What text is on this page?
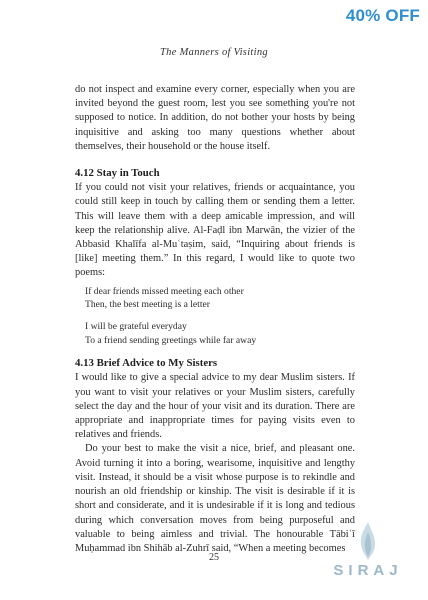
40% OFF
The Manners of Visiting

do not inspect and examine every corner, especially when you are invited beyond the guest room, lest you see something you're not supposed to notice. In addition, do not bother your hosts by being inquisitive and asking too many questions whether about themselves, their household or the house itself.

4.12 Stay in Touch

If you could not visit your relatives, friends or acquaintance, you could still keep in touch by calling them or sending them a letter. This will leave them with a deep amicable impression, and will keep the relationship alive. Al-Faḍl ibn Marwān, the vizier of the Abbasid Khalīfa al-Muʿtaṣim, said, “Inquiring about friends is [like] meeting them.” In this regard, I would like to quote two poems:

If dear friends missed meeting each other
Then, the best meeting is a letter
I will be grateful everyday
To a friend sending greetings while far away
4.13 Brief Advice to My Sisters

I would like to give a special advice to my dear Muslim sisters. If you want to visit your relatives or your Muslim sisters, carefully select the day and the hour of your visit and its duration. There are appropriate and inappropriate times for paying visits even to relatives and friends.

Do your best to make the visit a nice, brief, and pleasant one. Avoid turning it into a boring, wearisome, inquisitive and lengthy visit. Instead, it should be a visit whose purpose is to rekindle and nourish an old friendship or kinship. The visit is desirable if it is short and considerate, and it is undesirable if it is long and tedious during which conversation moves from being purposeful and valuable to being aimless and trivial. The honourable Tābiʿī Muḥammad ibn Shihāb al-Zuhrī said, “When a meeting becomes

25
SIRAJ
